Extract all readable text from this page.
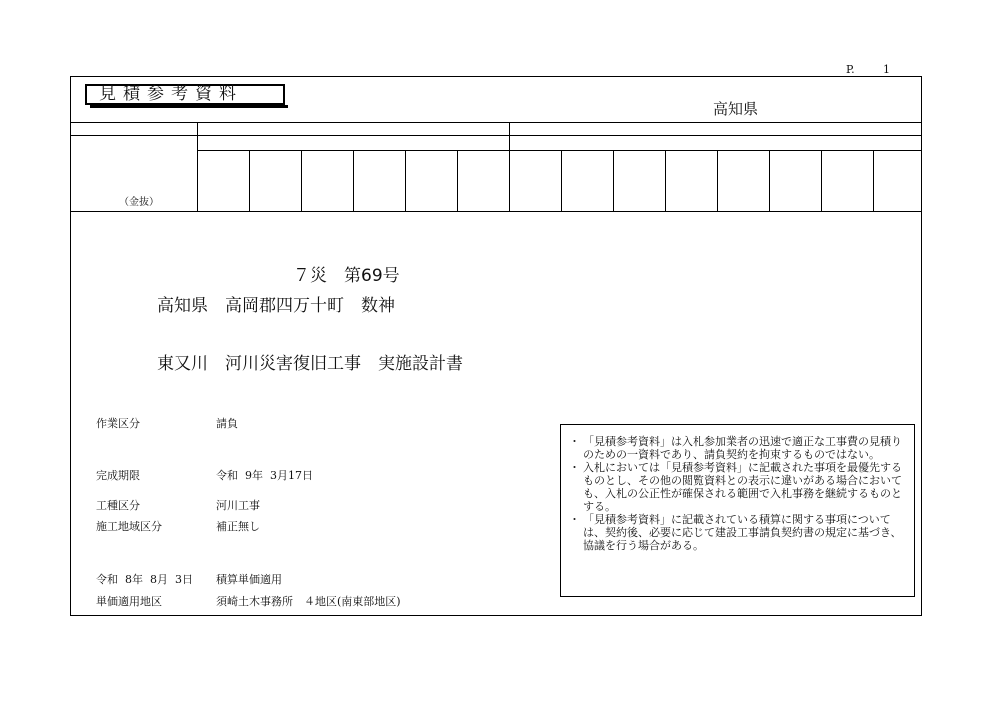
P.	1
見積参考資料
高知県
（金抜）
７災　第69号
高知県　高岡郡四万十町　数神
東又川　河川災害復旧工事　実施設計書
作業区分	請負
完成期限	令和  9年  3月17日
工種区分	河川工事
施工地域区分	補正無し
令和  8年  8月  3日 積算単価適用
単価適用地区	須崎土木事務所　４地区(南東部地区)
・ 「見積参考資料」は入札参加業者の迅速で適正な工事費の見積りのための一資料であり、請負契約を拘束するものではない。
・ 入札においては「見積参考資料」に記載された事項を最優先するものとし、その他の閲覧資料との表示に違いがある場合においても、入札の公正性が確保される範囲で入札事務を継続するものとする。
・ 「見積参考資料」に記載されている積算に関する事項については、契約後、必要に応じて建設工事請負契約書の規定に基づき、協議を行う場合がある。
